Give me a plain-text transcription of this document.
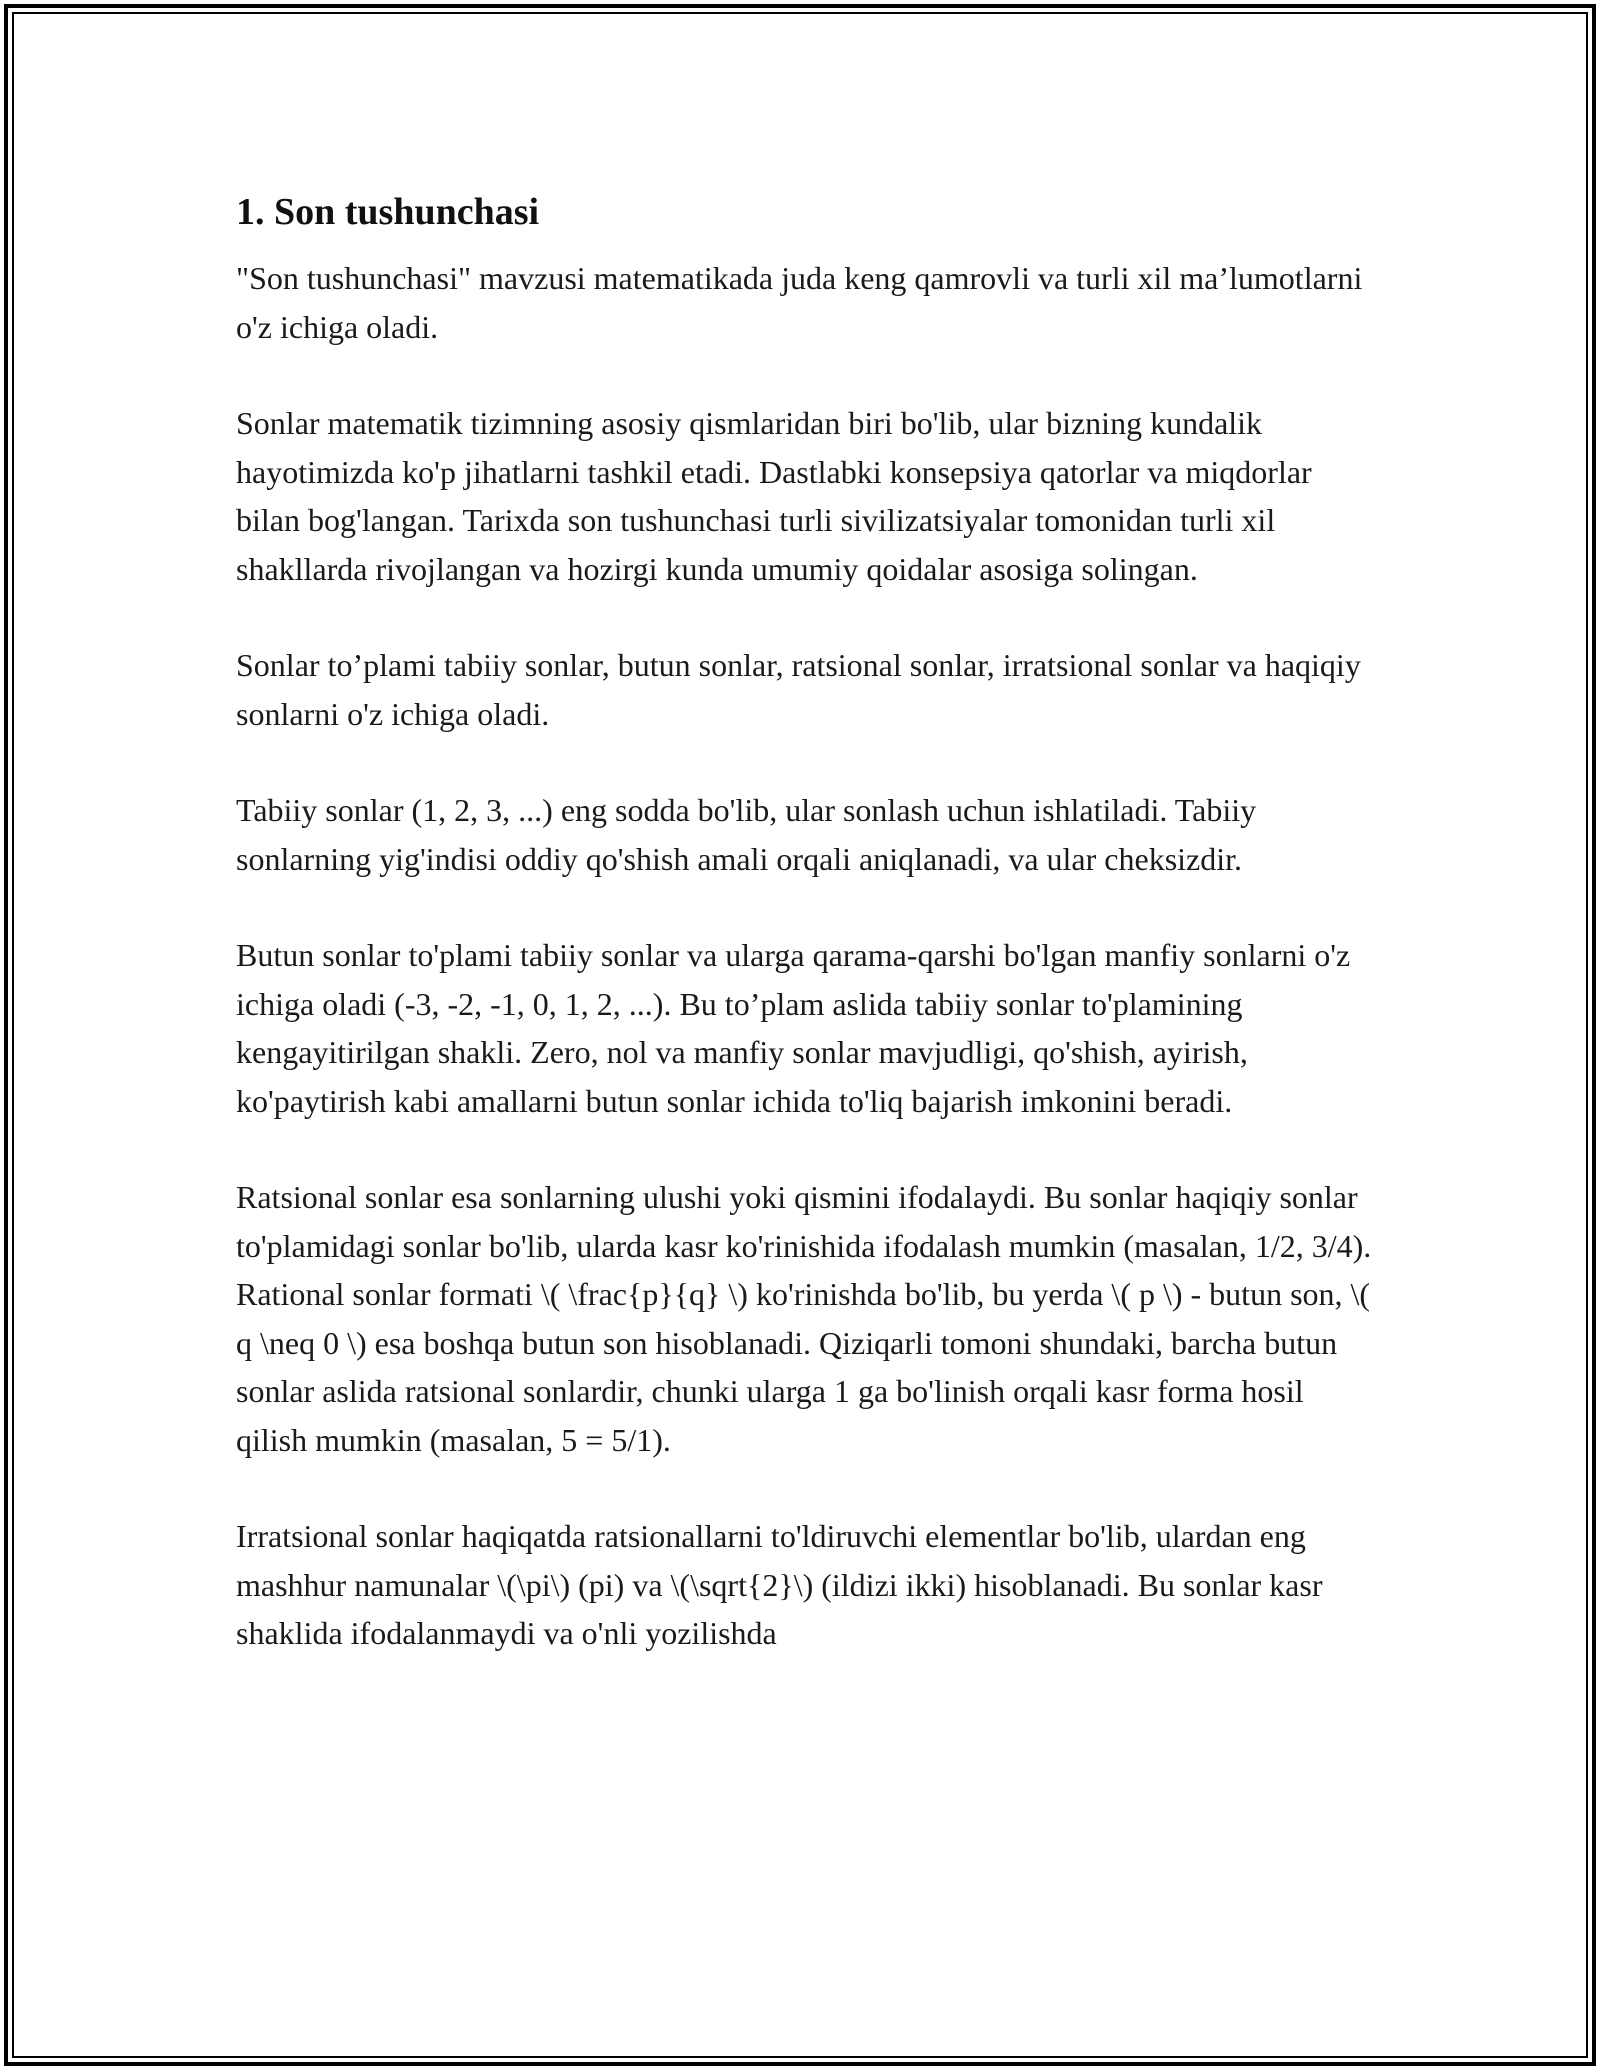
1. Son tushunchasi

"Son tushunchasi" mavzusi matematikada juda keng qamrovli va turli xil ma’lumotlarni o'z ichiga oladi.

Sonlar matematik tizimning asosiy qismlaridan biri bo'lib, ular bizning kundalik hayotimizda ko'p jihatlarni tashkil etadi. Dastlabki konsepsiya qatorlar va miqdorlar bilan bog'langan. Tarixda son tushunchasi turli sivilizatsiyalar tomonidan turli xil shakllarda rivojlangan va hozirgi kunda umumiy qoidalar asosiga solingan.

Sonlar to’plami tabiiy sonlar, butun sonlar, ratsional sonlar, irratsional sonlar va haqiqiy sonlarni o'z ichiga oladi.

Tabiiy sonlar (1, 2, 3, ...) eng sodda bo'lib, ular sonlash uchun ishlatiladi. Tabiiy sonlarning yig'indisi oddiy qo'shish amali orqali aniqlanadi, va ular cheksizdir.

Butun sonlar to'plami tabiiy sonlar va ularga qarama-qarshi bo'lgan manfiy sonlarni o'z ichiga oladi (-3, -2, -1, 0, 1, 2, ...). Bu to’plam aslida tabiiy sonlar to'plamining kengayitirilgan shakli. Zero, nol va manfiy sonlar mavjudligi, qo'shish, ayirish, ko'paytirish kabi amallarni butun sonlar ichida to'liq bajarish imkonini beradi.

Ratsional sonlar esa sonlarning ulushi yoki qismini ifodalaydi. Bu sonlar haqiqiy sonlar to'plamidagi sonlar bo'lib, ularda kasr ko'rinishida ifodalash mumkin (masalan, 1/2, 3/4). Rational sonlar formati \( \frac{p}{q} \) ko'rinishda bo'lib, bu yerda \( p \) - butun son, \( q \neq 0 \) esa boshqa butun son hisoblanadi. Qiziqarli tomoni shundaki, barcha butun sonlar aslida ratsional sonlardir, chunki ularga 1 ga bo'linish orqali kasr forma hosil qilish mumkin (masalan, 5 = 5/1).

Irratsional sonlar haqiqatda ratsionallarni to'ldiruvchi elementlar bo'lib, ulardan eng mashhur namunalar \(\pi\) (pi) va \(\sqrt{2}\) (ildizi ikki) hisoblanadi. Bu sonlar kasr shaklida ifodalanmaydi va o'nli yozilishda
